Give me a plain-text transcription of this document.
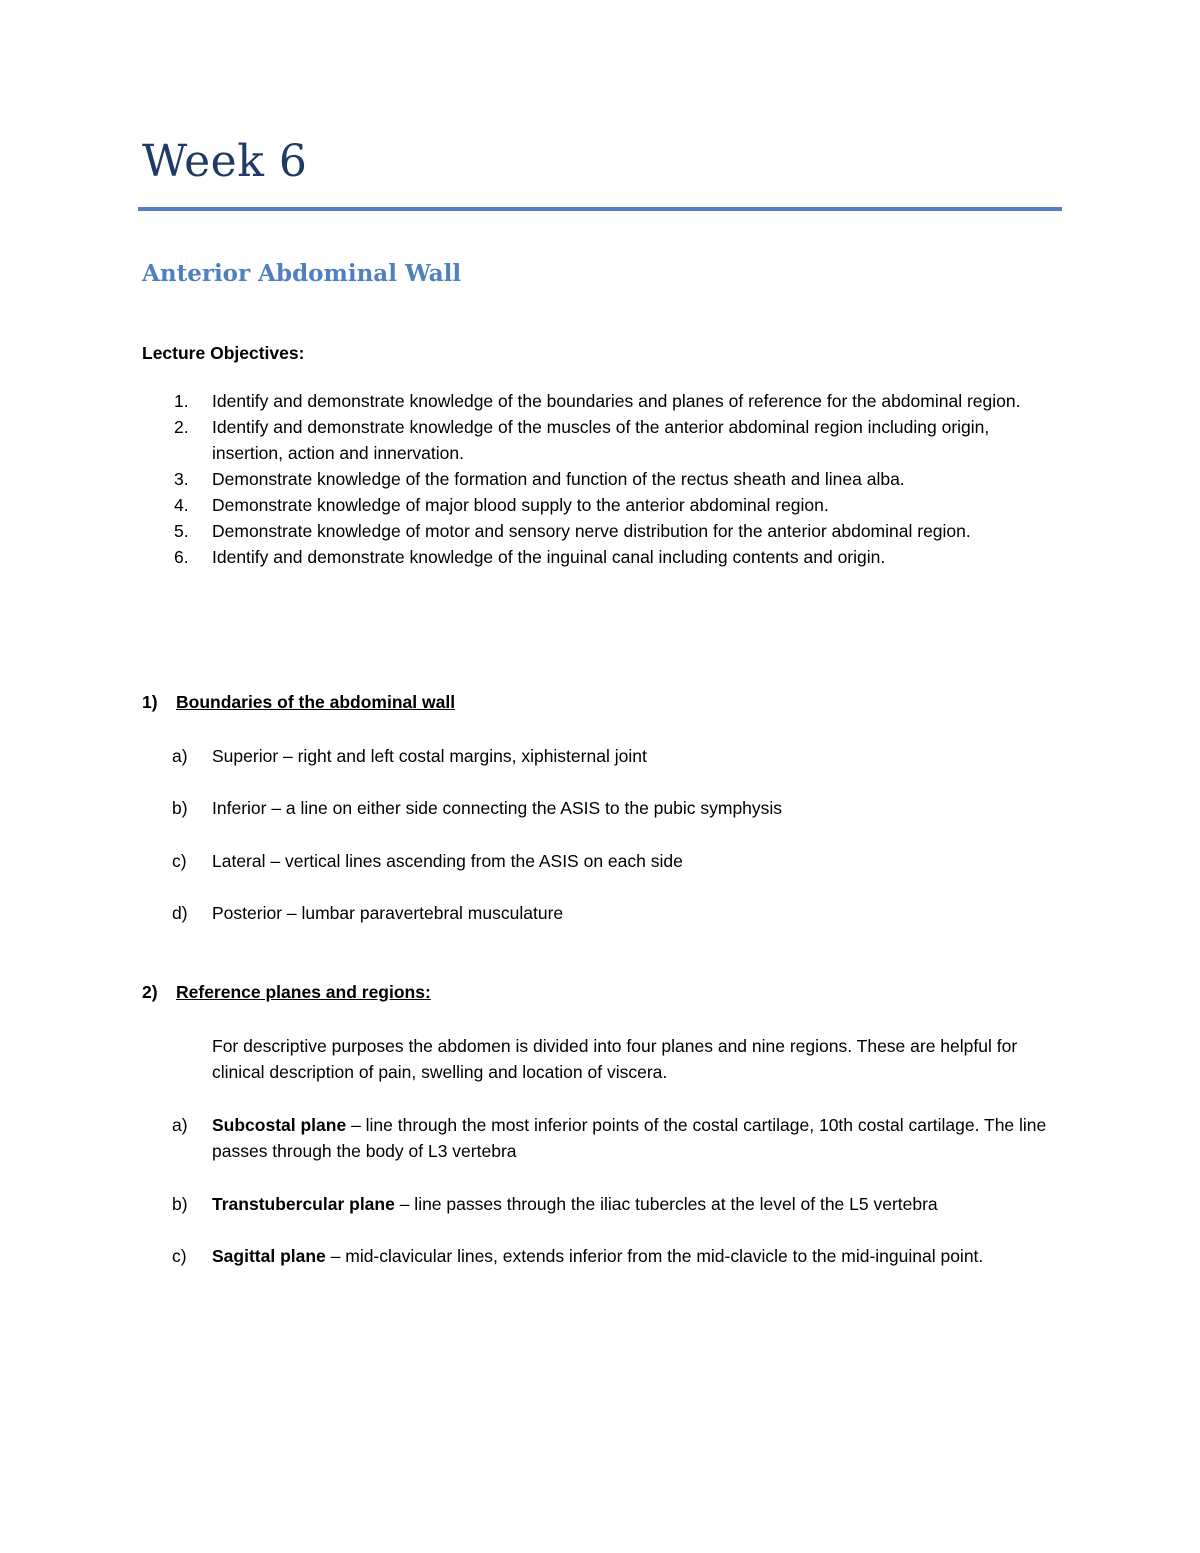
Week 6
Anterior Abdominal Wall

Lecture Objectives:

1. Identify and demonstrate knowledge of the boundaries and planes of reference for the abdominal region.
2. Identify and demonstrate knowledge of the muscles of the anterior abdominal region including origin, insertion, action and innervation.
3. Demonstrate knowledge of the formation and function of the rectus sheath and linea alba.
4. Demonstrate knowledge of major blood supply to the anterior abdominal region.
5. Demonstrate knowledge of motor and sensory nerve distribution for the anterior abdominal region.
6. Identify and demonstrate knowledge of the inguinal canal including contents and origin.

1) Boundaries of the abdominal wall

a)	Superior – right and left costal margins, xiphisternal joint

b)	Inferior – a line on either side connecting the ASIS to the pubic symphysis

c)	Lateral – vertical lines ascending from the ASIS on each side

d)	Posterior – lumbar paravertebral musculature

2) Reference planes and regions:

For descriptive purposes the abdomen is divided into four planes and nine regions. These are helpful for clinical description of pain, swelling and location of viscera.

a)	Subcostal plane – line through the most inferior points of the costal cartilage, 10th costal cartilage. The line passes through the body of L3 vertebra

b)	Transtubercular plane – line passes through the iliac tubercles at the level of the L5 vertebra

c)	Sagittal plane – mid-clavicular lines, extends inferior from the mid-clavicle to the mid-inguinal point.
